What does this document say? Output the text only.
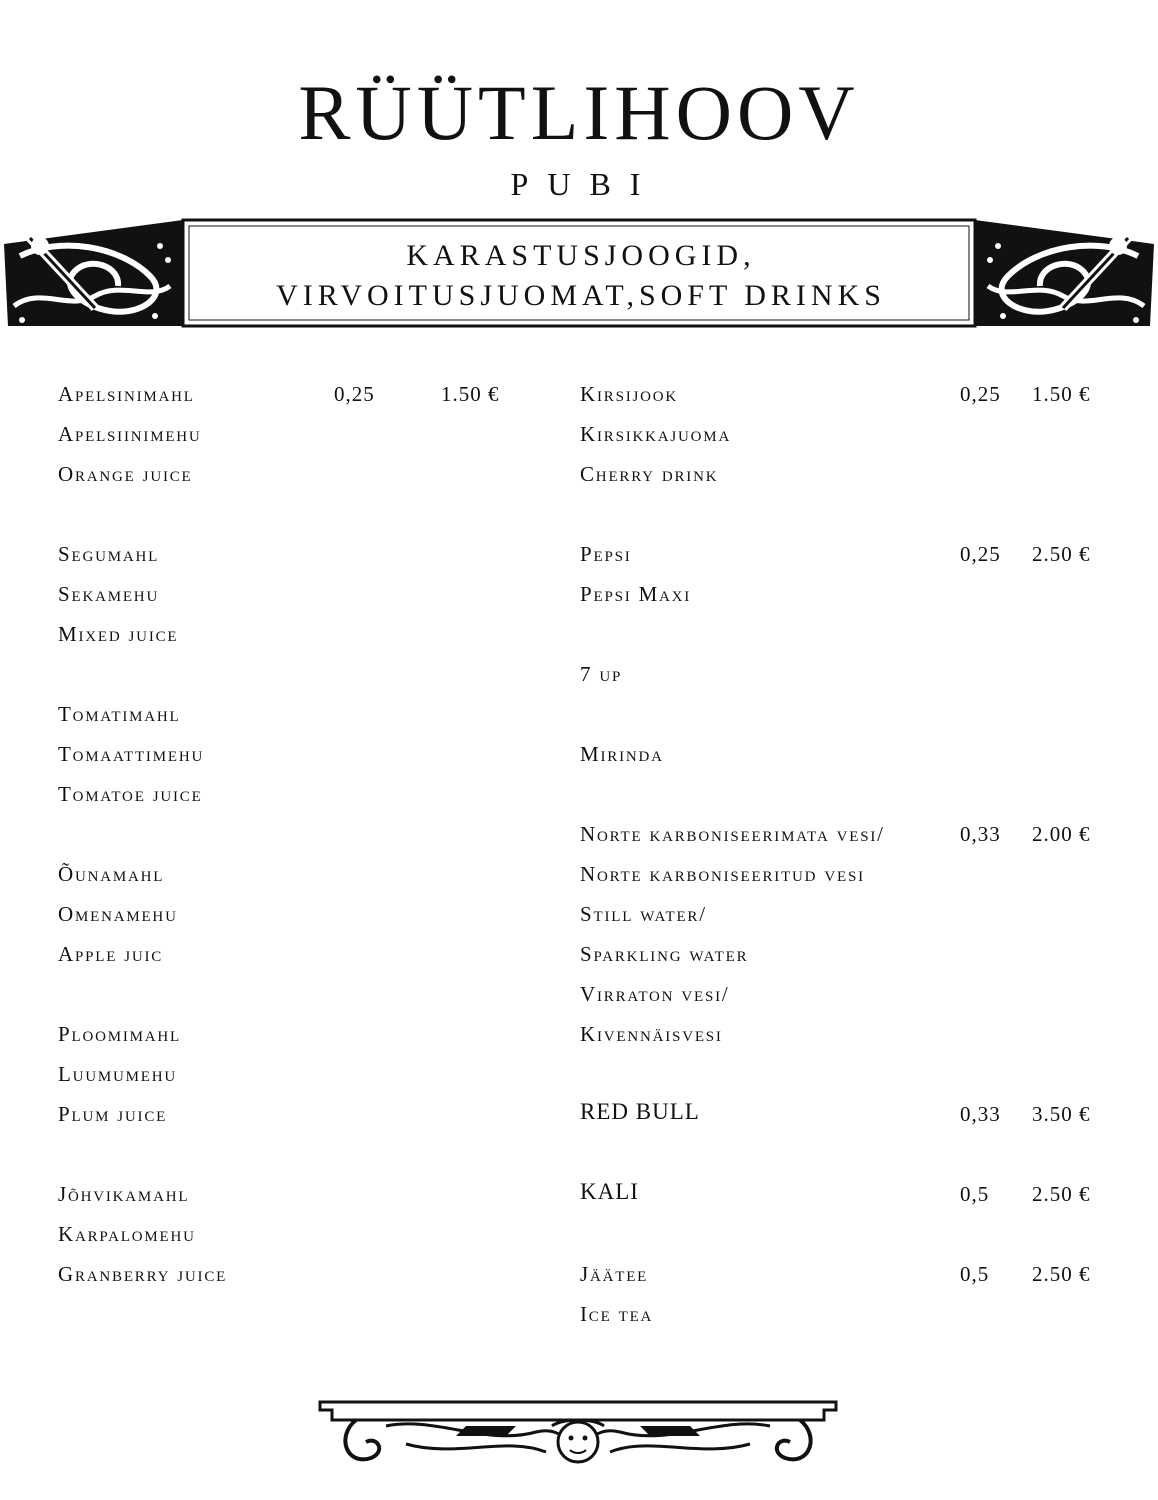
RÜÜTLIHOOV
PUBI
KARASTUSJOOGID,
VIRVOITUSJUOMAT,SOFT DRINKS
Apelsinimahl	0,25	1.50 €
Apelsiinimehu
Orange juice
Segumahl
Sekamehu
Mixed juice
Tomatimahl
Tomaattimehu
Tomatoe juice
Õunamahl
Omenamehu
Apple juic
Ploomimahl
Luumumehu
Plum juice
Jõhvikamahl
Karpalomehu
Granberry juice
Kirsijook	0,25 1.50 €
Kirsikkajuoma
Cherry drink
Pepsi	0,25 2.50 €
Pepsi Maxi
7 up
Mirinda
Norte karboniseerimata vesi/	0,33 2.00 €
Norte karboniseeritud vesi
Still water/
Sparkling water
Virraton vesi/
Kivennäisvesi
RED BULL	0,33 3.50 €
KALI	0,5 2.50 €
Jäätee	0,5 2.50 €
Ice tea
